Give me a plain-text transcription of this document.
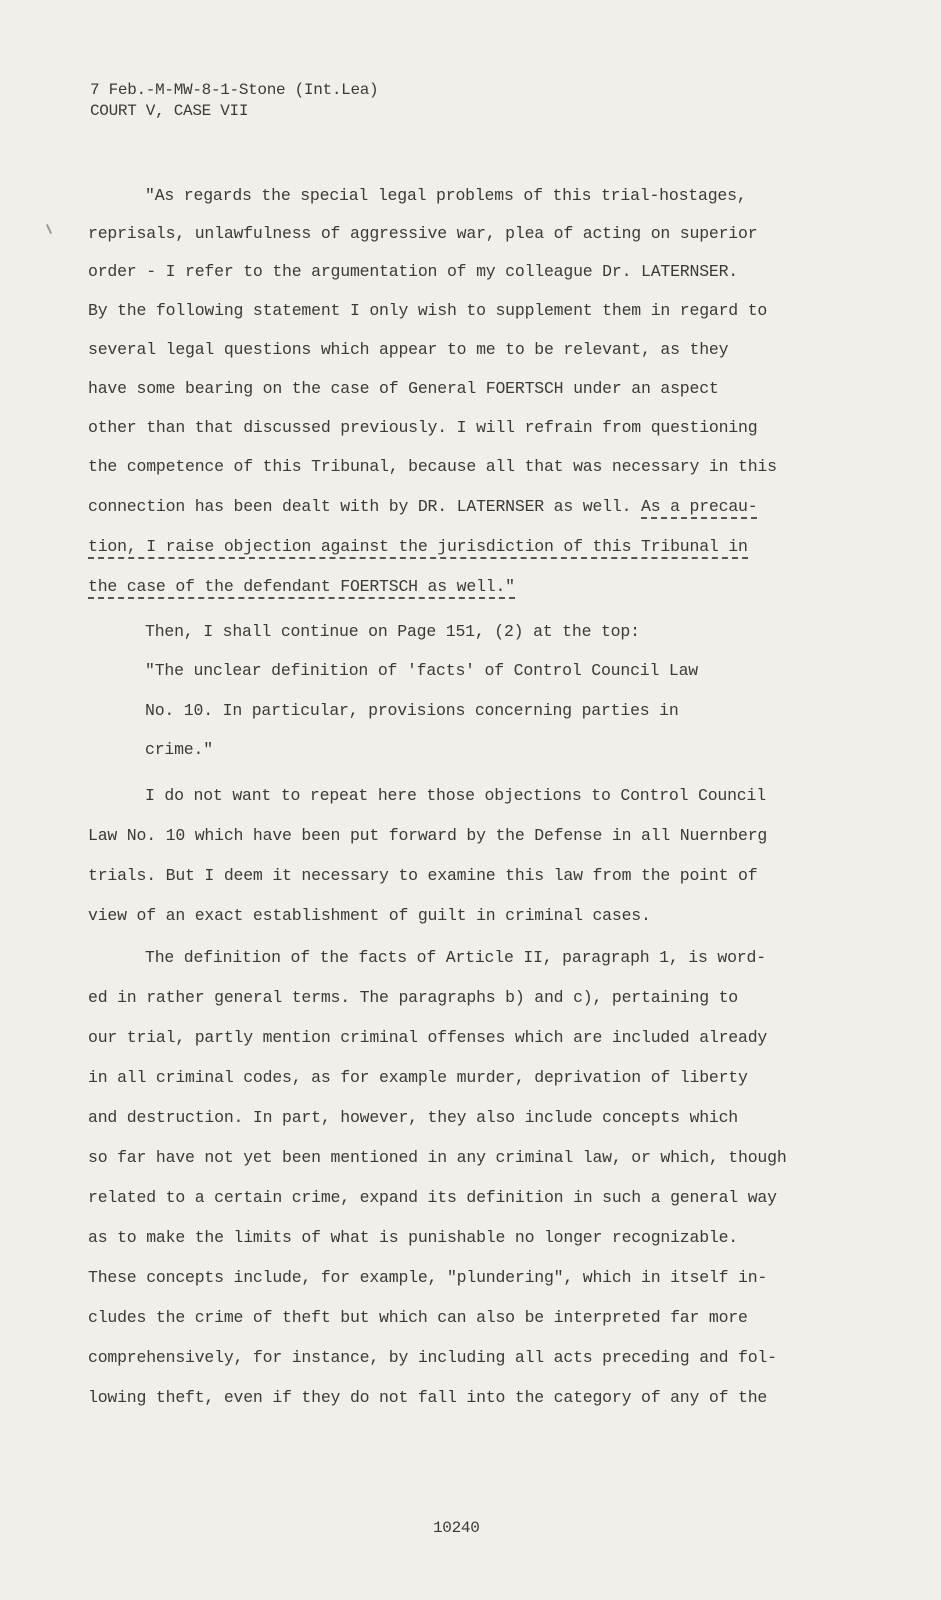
7 Feb.-M-MW-8-1-Stone (Int.Lea)
COURT V, CASE VII
"As regards the special legal problems of this trial-hostages,
reprisals, unlawfulness of aggressive war, plea of acting on superior
order - I refer to the argumentation of my colleague Dr. LATERNSER.
By the following statement I only wish to supplement them in regard to
several legal questions which appear to me to be relevant, as they
have some bearing on the case of General FOERTSCH under an aspect
other than that discussed previously. I will refrain from questioning
the competence of this Tribunal, because all that was necessary in this
connection has been dealt with by DR. LATERNSER as well. As a precau-
tion, I raise objection against the jurisdiction of this Tribunal in
the case of the defendant FOERTSCH as well."
Then, I shall continue on Page 151, (2) at the top:
"The unclear definition of 'facts' of Control Council Law
No. 10. In particular, provisions concerning parties in
crime."
I do not want to repeat here those objections to Control Council
Law No. 10 which have been put forward by the Defense in all Nuernberg
trials. But I deem it necessary to examine this law from the point of
view of an exact establishment of guilt in criminal cases.
The definition of the facts of Article II, paragraph 1, is word-
ed in rather general terms. The paragraphs b) and c), pertaining to
our trial, partly mention criminal offenses which are included already
in all criminal codes, as for example murder, deprivation of liberty
and destruction. In part, however, they also include concepts which
so far have not yet been mentioned in any criminal law, or which, though
related to a certain crime, expand its definition in such a general way
as to make the limits of what is punishable no longer recognizable.
These concepts include, for example, "plundering", which in itself in-
cludes the crime of theft but which can also be interpreted far more
comprehensively, for instance, by including all acts preceding and fol-
lowing theft, even if they do not fall into the category of any of the
10240
